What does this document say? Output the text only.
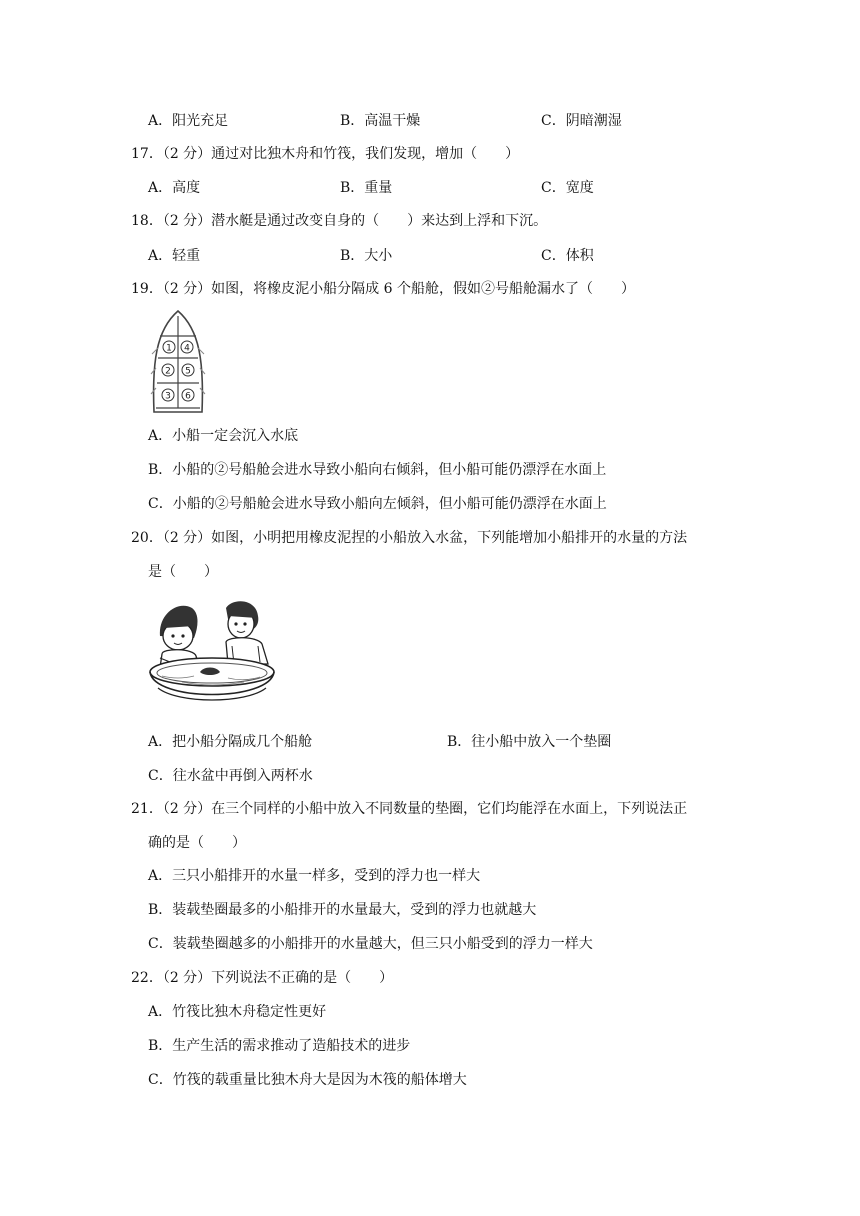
A．阳光充足	B．高温干燥	C．阴暗潮湿
17．（2 分）通过对比独木舟和竹筏，我们发现，增加（　　）
A．高度	B．重量	C．宽度
18．（2 分）潜水艇是通过改变自身的（　　）来达到上浮和下沉。
A．轻重	B．大小	C．体积
19．（2 分）如图，将橡皮泥小船分隔成 6 个船舱，假如②号船舱漏水了（　　）
1 4
2 5
3 6
A．小船一定会沉入水底
B．小船的②号船舱会进水导致小船向右倾斜，但小船可能仍漂浮在水面上
C．小船的②号船舱会进水导致小船向左倾斜，但小船可能仍漂浮在水面上
20．（2 分）如图，小明把用橡皮泥捏的小船放入水盆，下列能增加小船排开的水量的方法
是（　　）
A．把小船分隔成几个船舱	B．往小船中放入一个垫圈
C．往水盆中再倒入两杯水
21．（2 分）在三个同样的小船中放入不同数量的垫圈，它们均能浮在水面上，下列说法正
确的是（　　）
A．三只小船排开的水量一样多，受到的浮力也一样大
B．装载垫圈最多的小船排开的水量最大，受到的浮力也就越大
C．装载垫圈越多的小船排开的水量越大，但三只小船受到的浮力一样大
22．（2 分）下列说法不正确的是（　　）
A．竹筏比独木舟稳定性更好
B．生产生活的需求推动了造船技术的进步
C．竹筏的载重量比独木舟大是因为木筏的船体增大
